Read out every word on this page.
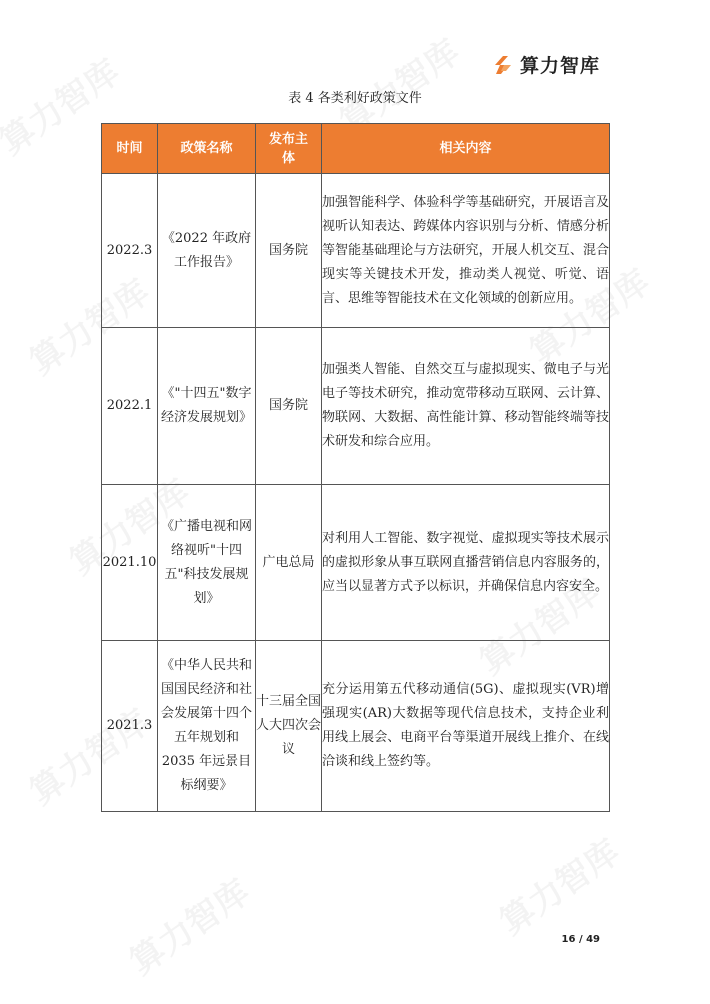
算力智库
表 4 各类利好政策文件
时间	政策名称	发布主体	相关内容
2022.3	《2022 年政府工作报告》	国务院	加强智能科学、体验科学等基础研究，开展语言及视听认知表达、跨媒体内容识别与分析、情感分析等智能基础理论与方法研究，开展人机交互、混合现实等关键技术开发，推动类人视觉、听觉、语言、思维等智能技术在文化领域的创新应用。
2022.1	《"十四五"数字经济发展规划》	国务院	加强类人智能、自然交互与虚拟现实、微电子与光电子等技术研究，推动宽带移动互联网、云计算、物联网、大数据、高性能计算、移动智能终端等技术研发和综合应用。
2021.10	《广播电视和网络视听"十四五"科技发展规划》	广电总局	对利用人工智能、数字视觉、虚拟现实等技术展示的虚拟形象从事互联网直播营销信息内容服务的，应当以显著方式予以标识，并确保信息内容安全。
2021.3	《中华人民共和国国民经济和社会发展第十四个五年规划和 2035 年远景目标纲要》	十三届全国人大四次会议	充分运用第五代移动通信(5G)、虚拟现实(VR)增强现实(AR)大数据等现代信息技术，支持企业利用线上展会、电商平台等渠道开展线上推介、在线洽谈和线上签约等。
16 / 49
